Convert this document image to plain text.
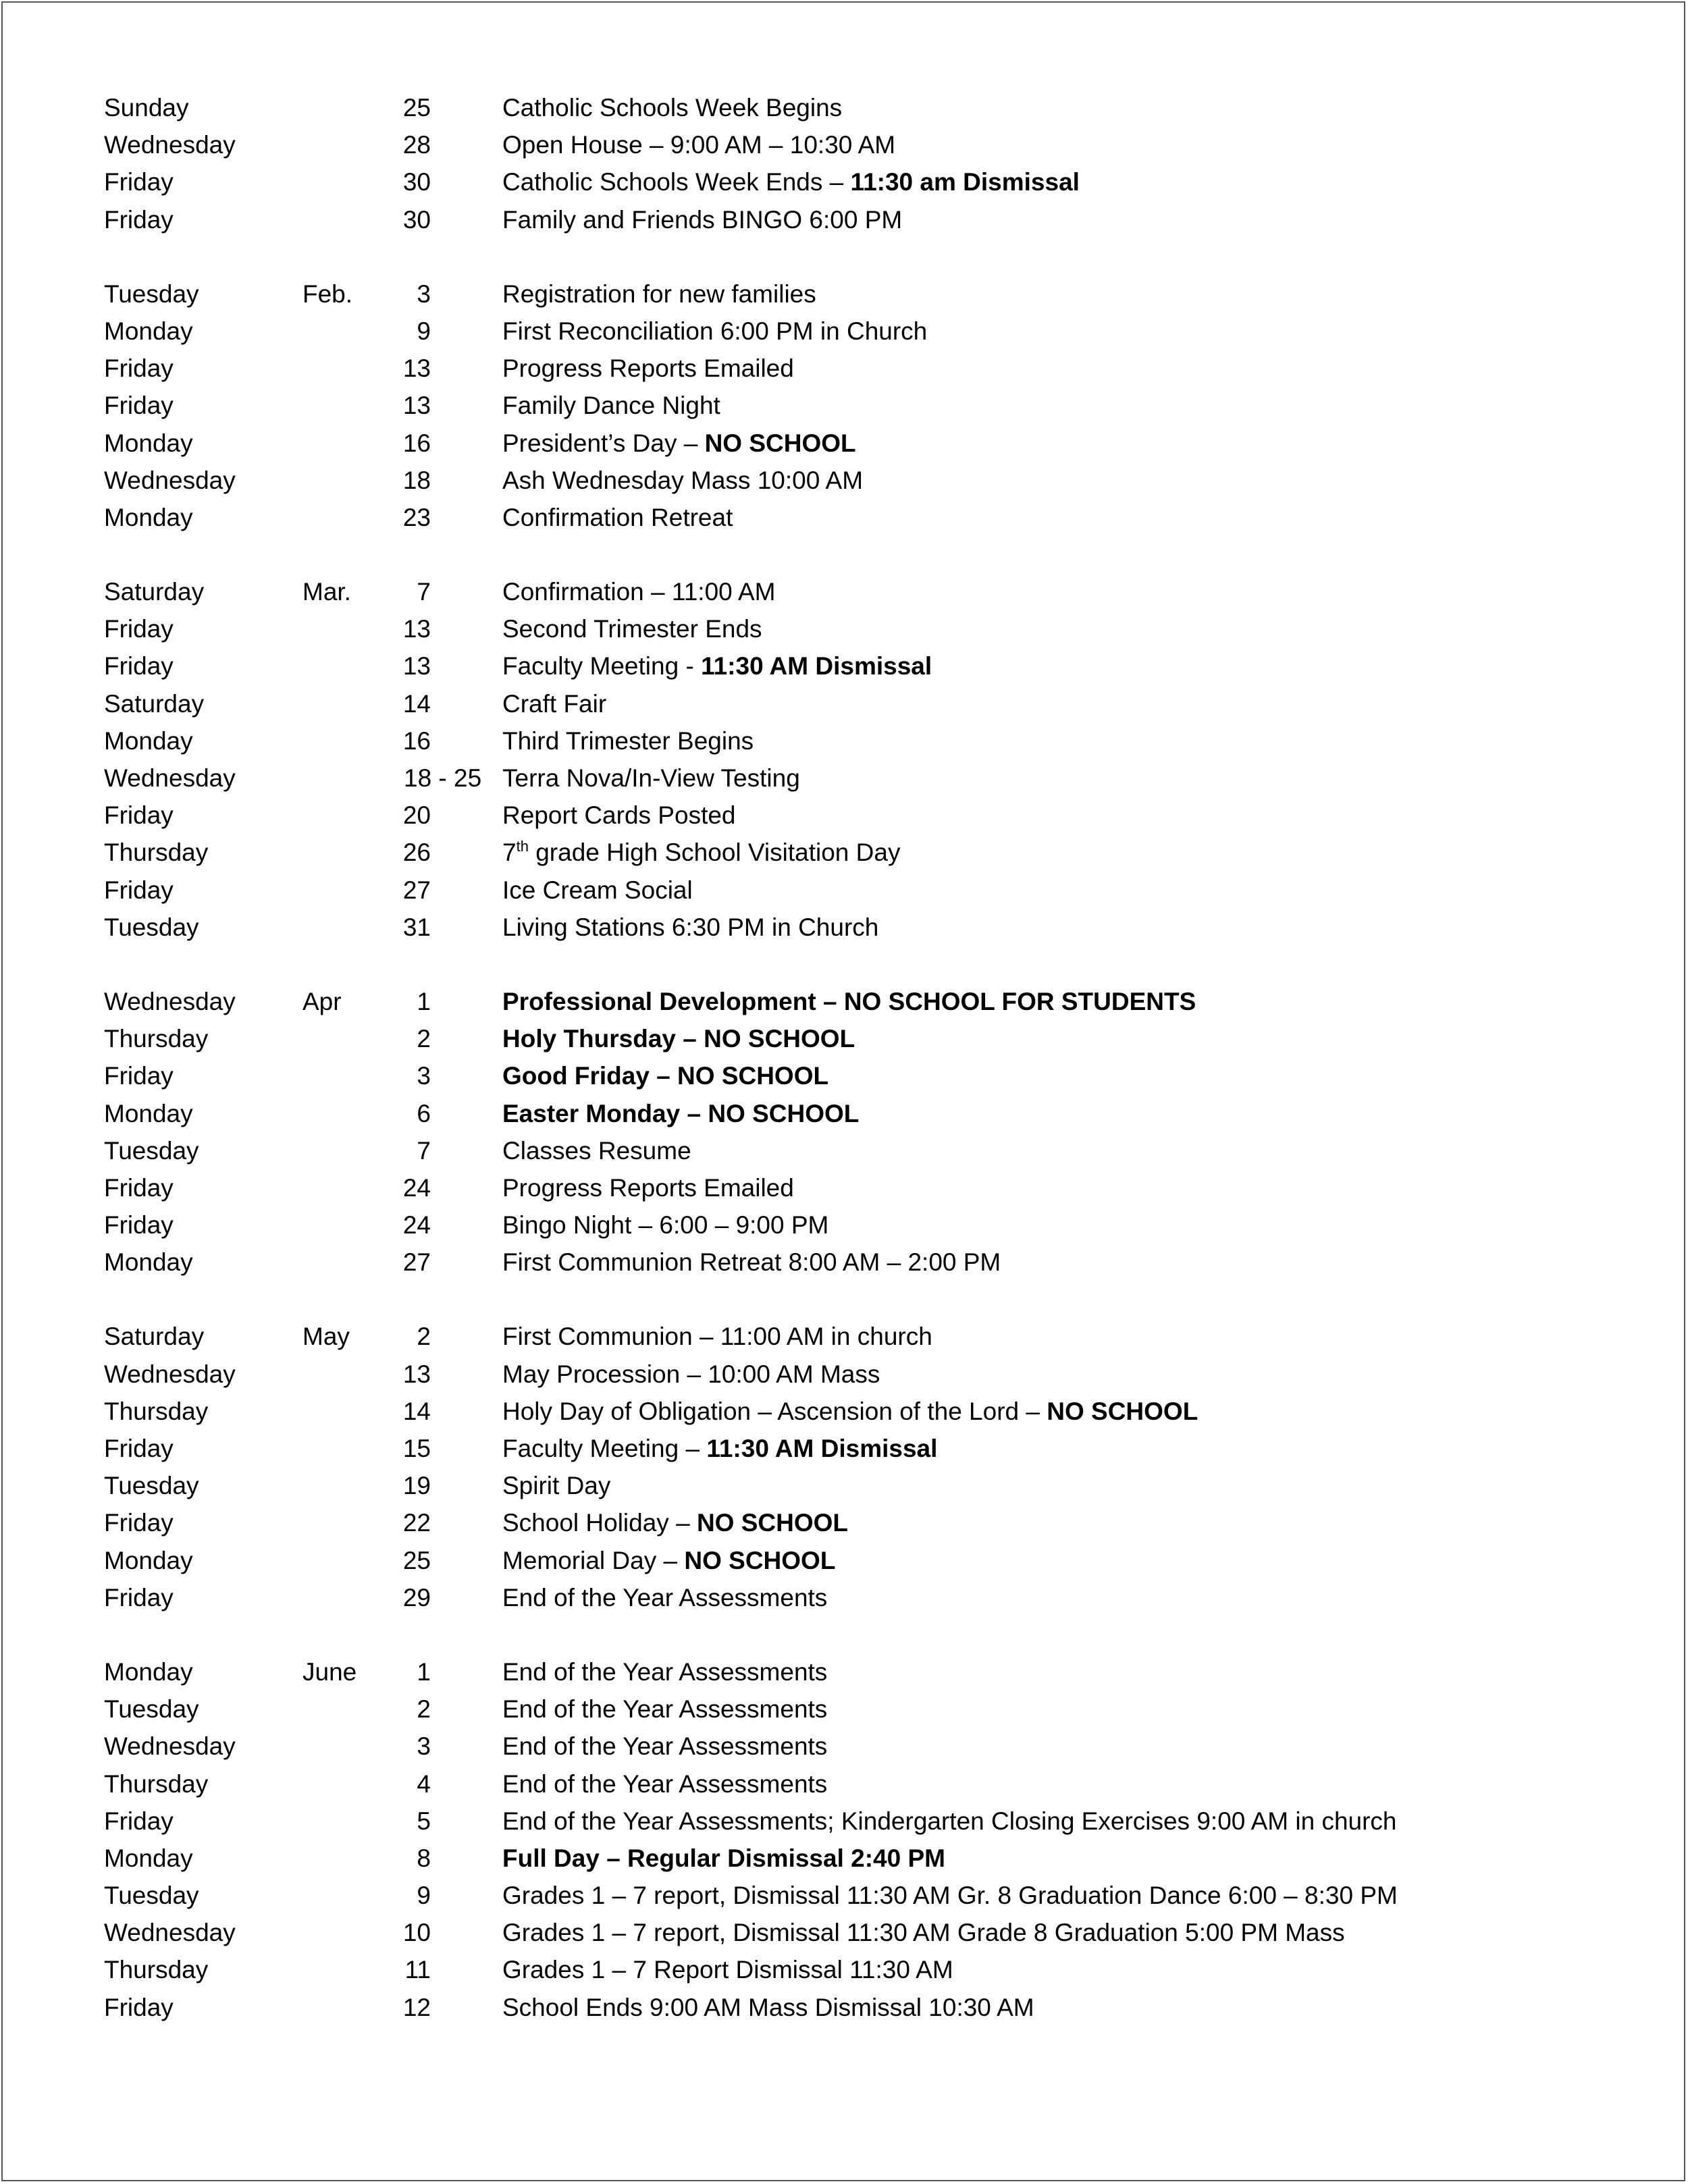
Sunday	25	Catholic Schools Week Begins
Wednesday	28	Open House – 9:00 AM – 10:30 AM
Friday	30	Catholic Schools Week Ends – 11:30 am Dismissal
Friday	30	Family and Friends BINGO 6:00 PM
Tuesday	Feb.	3	Registration for new families
Monday	9	First Reconciliation 6:00 PM in Church
Friday	13	Progress Reports Emailed
Friday	13	Family Dance Night
Monday	16	President’s Day – NO SCHOOL
Wednesday	18	Ash Wednesday Mass 10:00 AM
Monday	23	Confirmation Retreat
Saturday	Mar.	7	Confirmation – 11:00 AM
Friday	13	Second Trimester Ends
Friday	13	Faculty Meeting - 11:30 AM Dismissal
Saturday	14	Craft Fair
Monday	16	Third Trimester Begins
Wednesday	18 - 25 Terra Nova/In-View Testing
Friday	20	Report Cards Posted
Thursday	26	7th grade High School Visitation Day
Friday	27	Ice Cream Social
Tuesday	31	Living Stations 6:30 PM in Church
Wednesday	Apr	1	Professional Development – NO SCHOOL FOR STUDENTS
Thursday	2	Holy Thursday – NO SCHOOL
Friday	3	Good Friday – NO SCHOOL
Monday	6	Easter Monday – NO SCHOOL
Tuesday	7	Classes Resume
Friday	24	Progress Reports Emailed
Friday	24	Bingo Night – 6:00 – 9:00 PM
Monday	27	First Communion Retreat 8:00 AM – 2:00 PM
Saturday	May	2	First Communion – 11:00 AM in church
Wednesday	13	May Procession – 10:00 AM Mass
Thursday	14	Holy Day of Obligation – Ascension of the Lord – NO SCHOOL
Friday	15	Faculty Meeting – 11:30 AM Dismissal
Tuesday	19	Spirit Day
Friday	22	School Holiday – NO SCHOOL
Monday	25	Memorial Day – NO SCHOOL
Friday	29	End of the Year Assessments
Monday	June	1	End of the Year Assessments
Tuesday	2	End of the Year Assessments
Wednesday	3	End of the Year Assessments
Thursday	4	End of the Year Assessments
Friday	5	End of the Year Assessments; Kindergarten Closing Exercises 9:00 AM in church
Monday	8	Full Day – Regular Dismissal 2:40 PM
Tuesday	9	Grades 1 – 7 report, Dismissal 11:30 AM Gr. 8 Graduation Dance 6:00 – 8:30 PM
Wednesday	10	Grades 1 – 7 report, Dismissal 11:30 AM Grade 8 Graduation 5:00 PM Mass
Thursday	11	Grades 1 – 7 Report Dismissal 11:30 AM
Friday	12	School Ends 9:00 AM Mass Dismissal 10:30 AM
